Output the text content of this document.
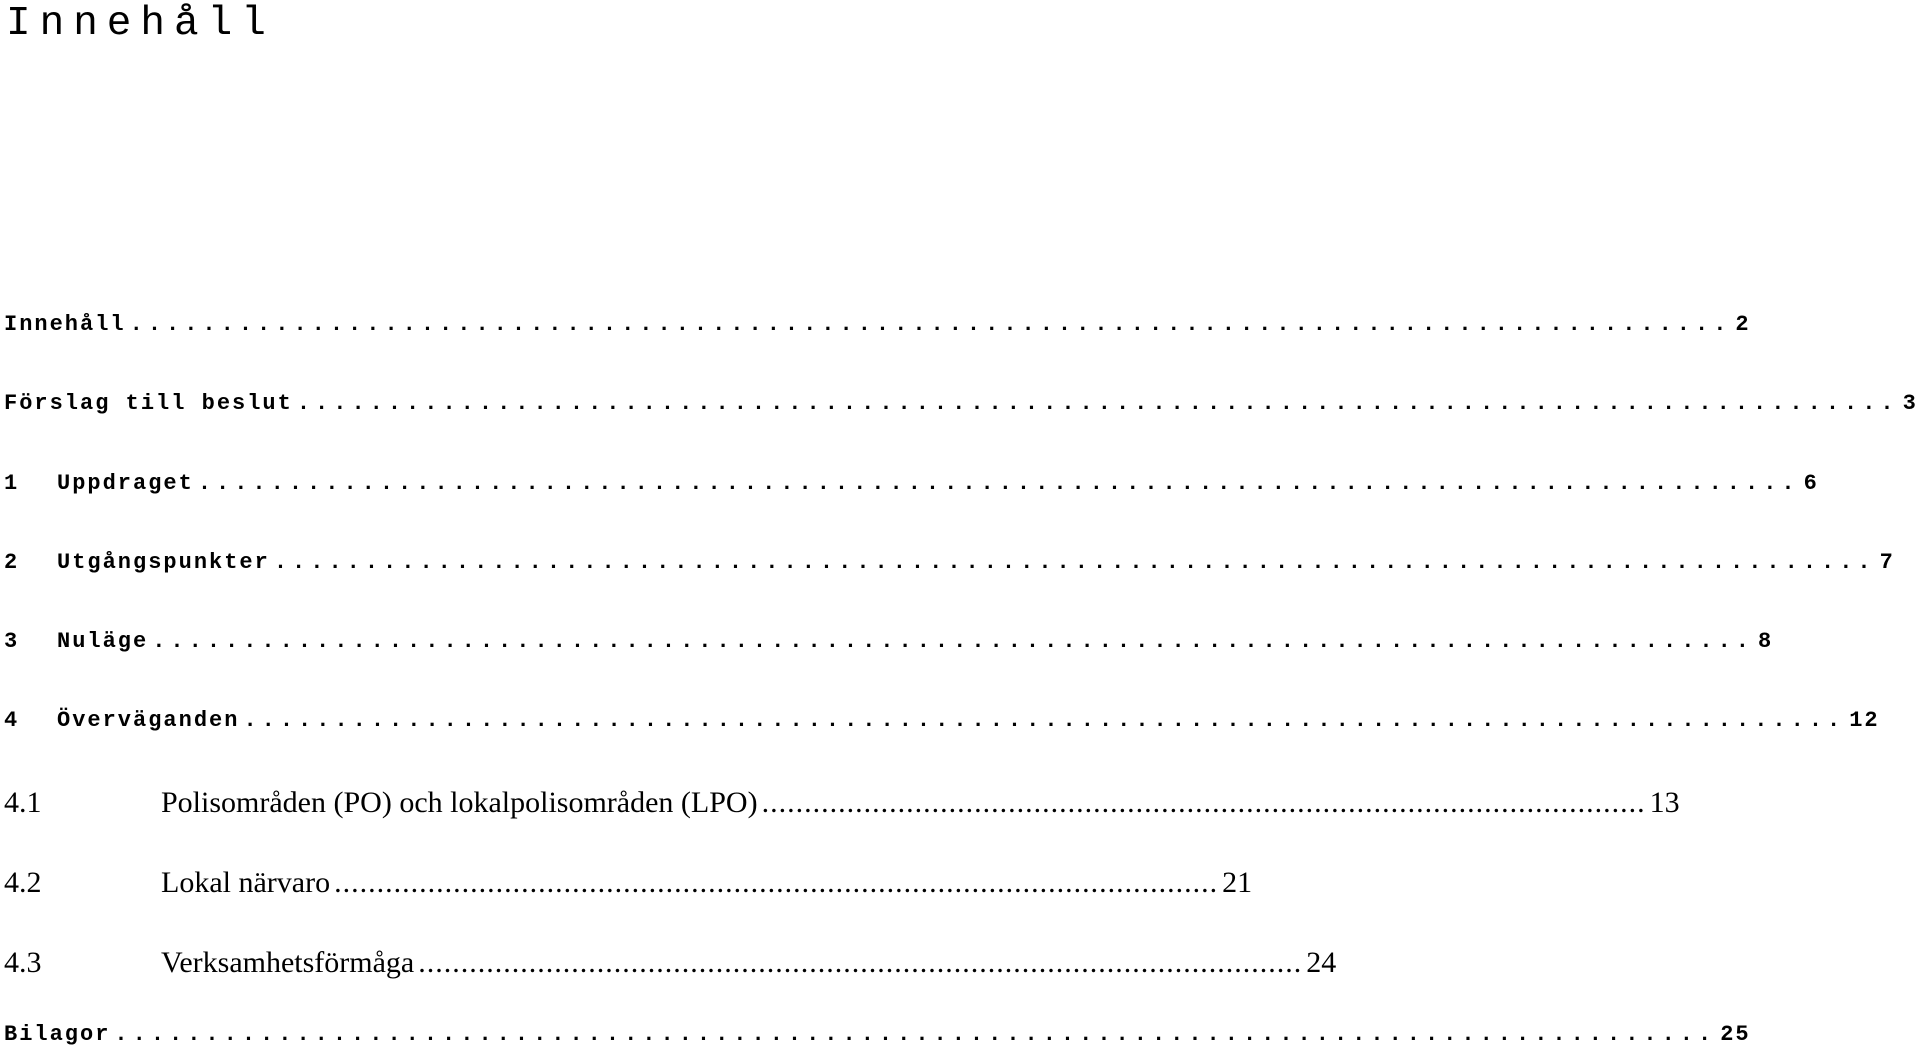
Innehåll
Innehåll ........................................................................................ 2
Förslag till beslut ........................................................................................ 3
1	Uppdraget ........................................................................................ 6
2	Utgångspunkter ........................................................................................ 7
3	Nuläge ........................................................................................ 8
4	Överväganden ........................................................................................ 12
4.1	Polisområden (PO) och lokalpolisområden (LPO) ........................................................................................................ 13
4.2	Lokal närvaro ........................................................................................................ 21
4.3	Verksamhetsförmåga ........................................................................................................ 24
Bilagor ........................................................................................ 25
